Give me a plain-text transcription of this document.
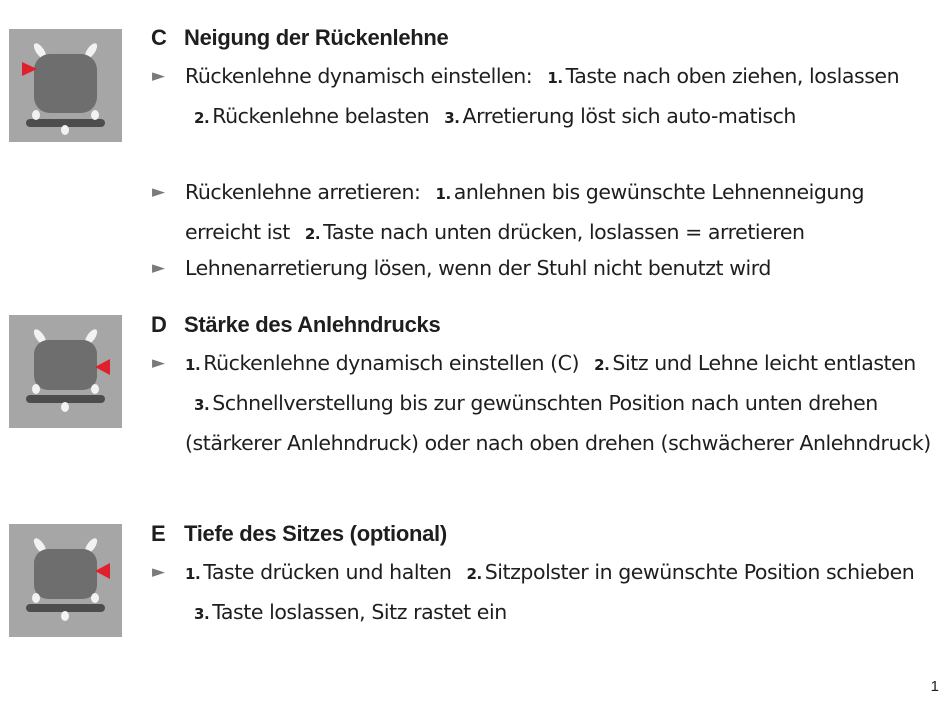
C Neigung der Rückenlehne
► Rückenlehne dynamisch einstellen: 1. Taste nach oben ziehen, loslassen 2. Rückenlehne belasten 3. Arretierung löst sich auto-matisch
► Rückenlehne arretieren: 1. anlehnen bis gewünschte Lehnenneigung erreicht ist 2. Taste nach unten drücken, loslassen = arretieren
► Lehnenarretierung lösen, wenn der Stuhl nicht benutzt wird
D Stärke des Anlehndrucks
► 1. Rückenlehne dynamisch einstellen (C) 2. Sitz und Lehne leicht entlasten 3. Schnellverstellung bis zur gewünschten Position nach unten drehen (stärkerer Anlehndruck) oder nach oben drehen (schwächerer Anlehndruck)
E Tiefe des Sitzes (optional)
► 1. Taste drücken und halten 2. Sitzpolster in gewünschte Position schieben 3. Taste loslassen, Sitz rastet ein
1
